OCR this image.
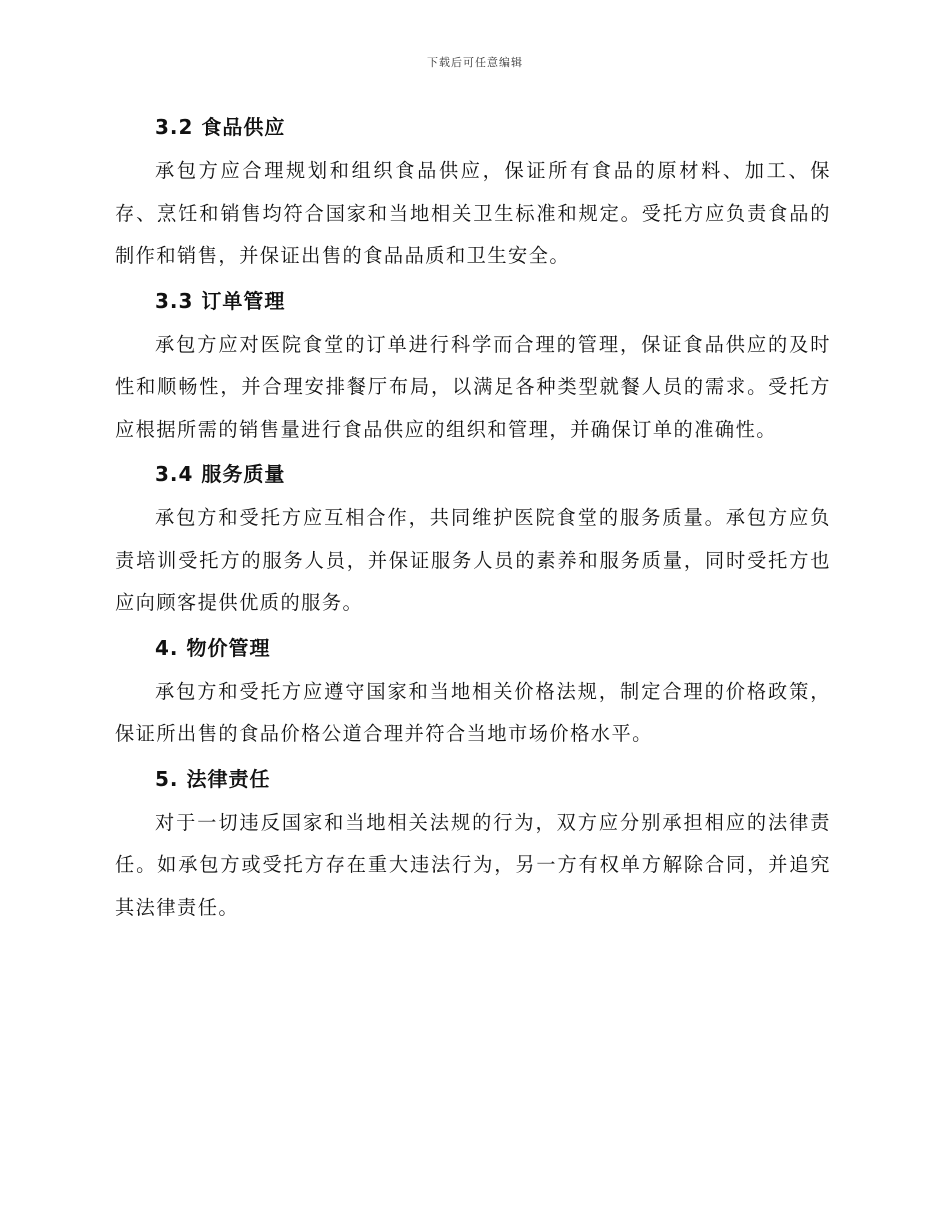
下载后可任意编辑
3.2 食品供应

承包方应合理规划和组织食品供应，保证所有食品的原材料、加工、保存、烹饪和销售均符合国家和当地相关卫生标准和规定。受托方应负责食品的制作和销售，并保证出售的食品品质和卫生安全。

3.3 订单管理

承包方应对医院食堂的订单进行科学而合理的管理，保证食品供应的及时性和顺畅性，并合理安排餐厅布局，以满足各种类型就餐人员的需求。受托方应根据所需的销售量进行食品供应的组织和管理，并确保订单的准确性。

3.4 服务质量

承包方和受托方应互相合作，共同维护医院食堂的服务质量。承包方应负责培训受托方的服务人员，并保证服务人员的素养和服务质量，同时受托方也应向顾客提供优质的服务。

4. 物价管理

承包方和受托方应遵守国家和当地相关价格法规，制定合理的价格政策，保证所出售的食品价格公道合理并符合当地市场价格水平。

5. 法律责任

对于一切违反国家和当地相关法规的行为，双方应分别承担相应的法律责任。如承包方或受托方存在重大违法行为，另一方有权单方解除合同，并追究其法律责任。
